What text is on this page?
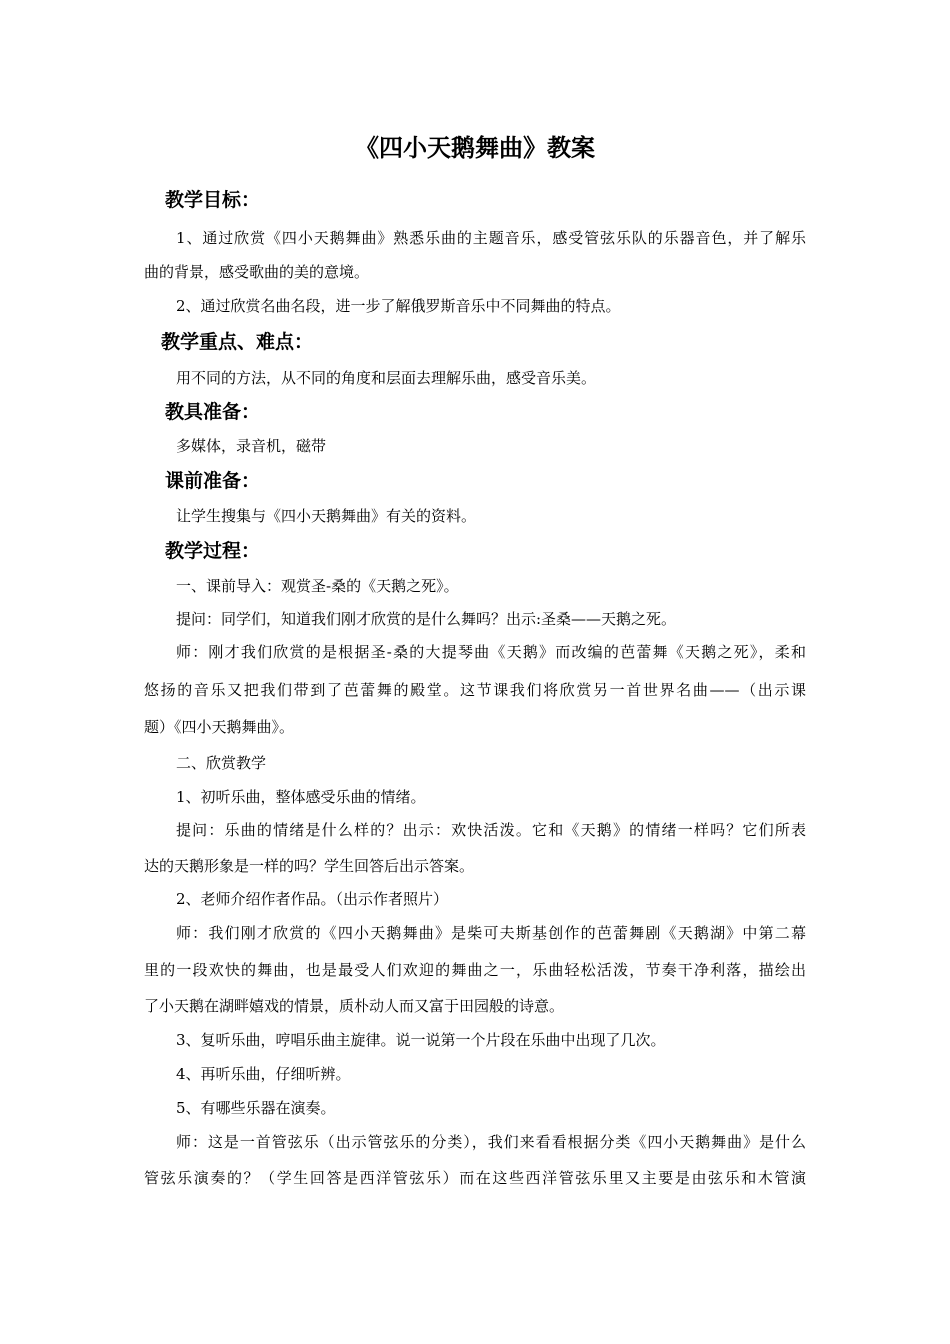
《四小天鹅舞曲》教案
教学目标：
1、通过欣赏《四小天鹅舞曲》熟悉乐曲的主题音乐，感受管弦乐队的乐器音色，并了解乐
曲的背景，感受歌曲的美的意境。
2、通过欣赏名曲名段，进一步了解俄罗斯音乐中不同舞曲的特点。
教学重点、难点：
用不同的方法，从不同的角度和层面去理解乐曲，感受音乐美。
教具准备：
多媒体，录音机，磁带
课前准备：
让学生搜集与《四小天鹅舞曲》有关的资料。
教学过程：
一、课前导入：观赏圣-桑的《天鹅之死》。
提问：同学们，知道我们刚才欣赏的是什么舞吗？出示:圣桑——天鹅之死。
师：刚才我们欣赏的是根据圣-桑的大提琴曲《天鹅》而改编的芭蕾舞《天鹅之死》，柔和
悠扬的音乐又把我们带到了芭蕾舞的殿堂。这节课我们将欣赏另一首世界名曲——（出示课
题）《四小天鹅舞曲》。
二、欣赏教学
1、初听乐曲，整体感受乐曲的情绪。
提问：乐曲的情绪是什么样的？出示：欢快活泼。它和《天鹅》的情绪一样吗？它们所表
达的天鹅形象是一样的吗？学生回答后出示答案。
2、老师介绍作者作品。（出示作者照片）
师：我们刚才欣赏的《四小天鹅舞曲》是柴可夫斯基创作的芭蕾舞剧《天鹅湖》中第二幕
里的一段欢快的舞曲，也是最受人们欢迎的舞曲之一，乐曲轻松活泼，节奏干净利落，描绘出
了小天鹅在湖畔嬉戏的情景，质朴动人而又富于田园般的诗意。
3、复听乐曲，哼唱乐曲主旋律。说一说第一个片段在乐曲中出现了几次。
4、再听乐曲，仔细听辨。
5、有哪些乐器在演奏。
师：这是一首管弦乐（出示管弦乐的分类），我们来看看根据分类《四小天鹅舞曲》是什么
管弦乐演奏的？（学生回答是西洋管弦乐）而在这些西洋管弦乐里又主要是由弦乐和木管演
